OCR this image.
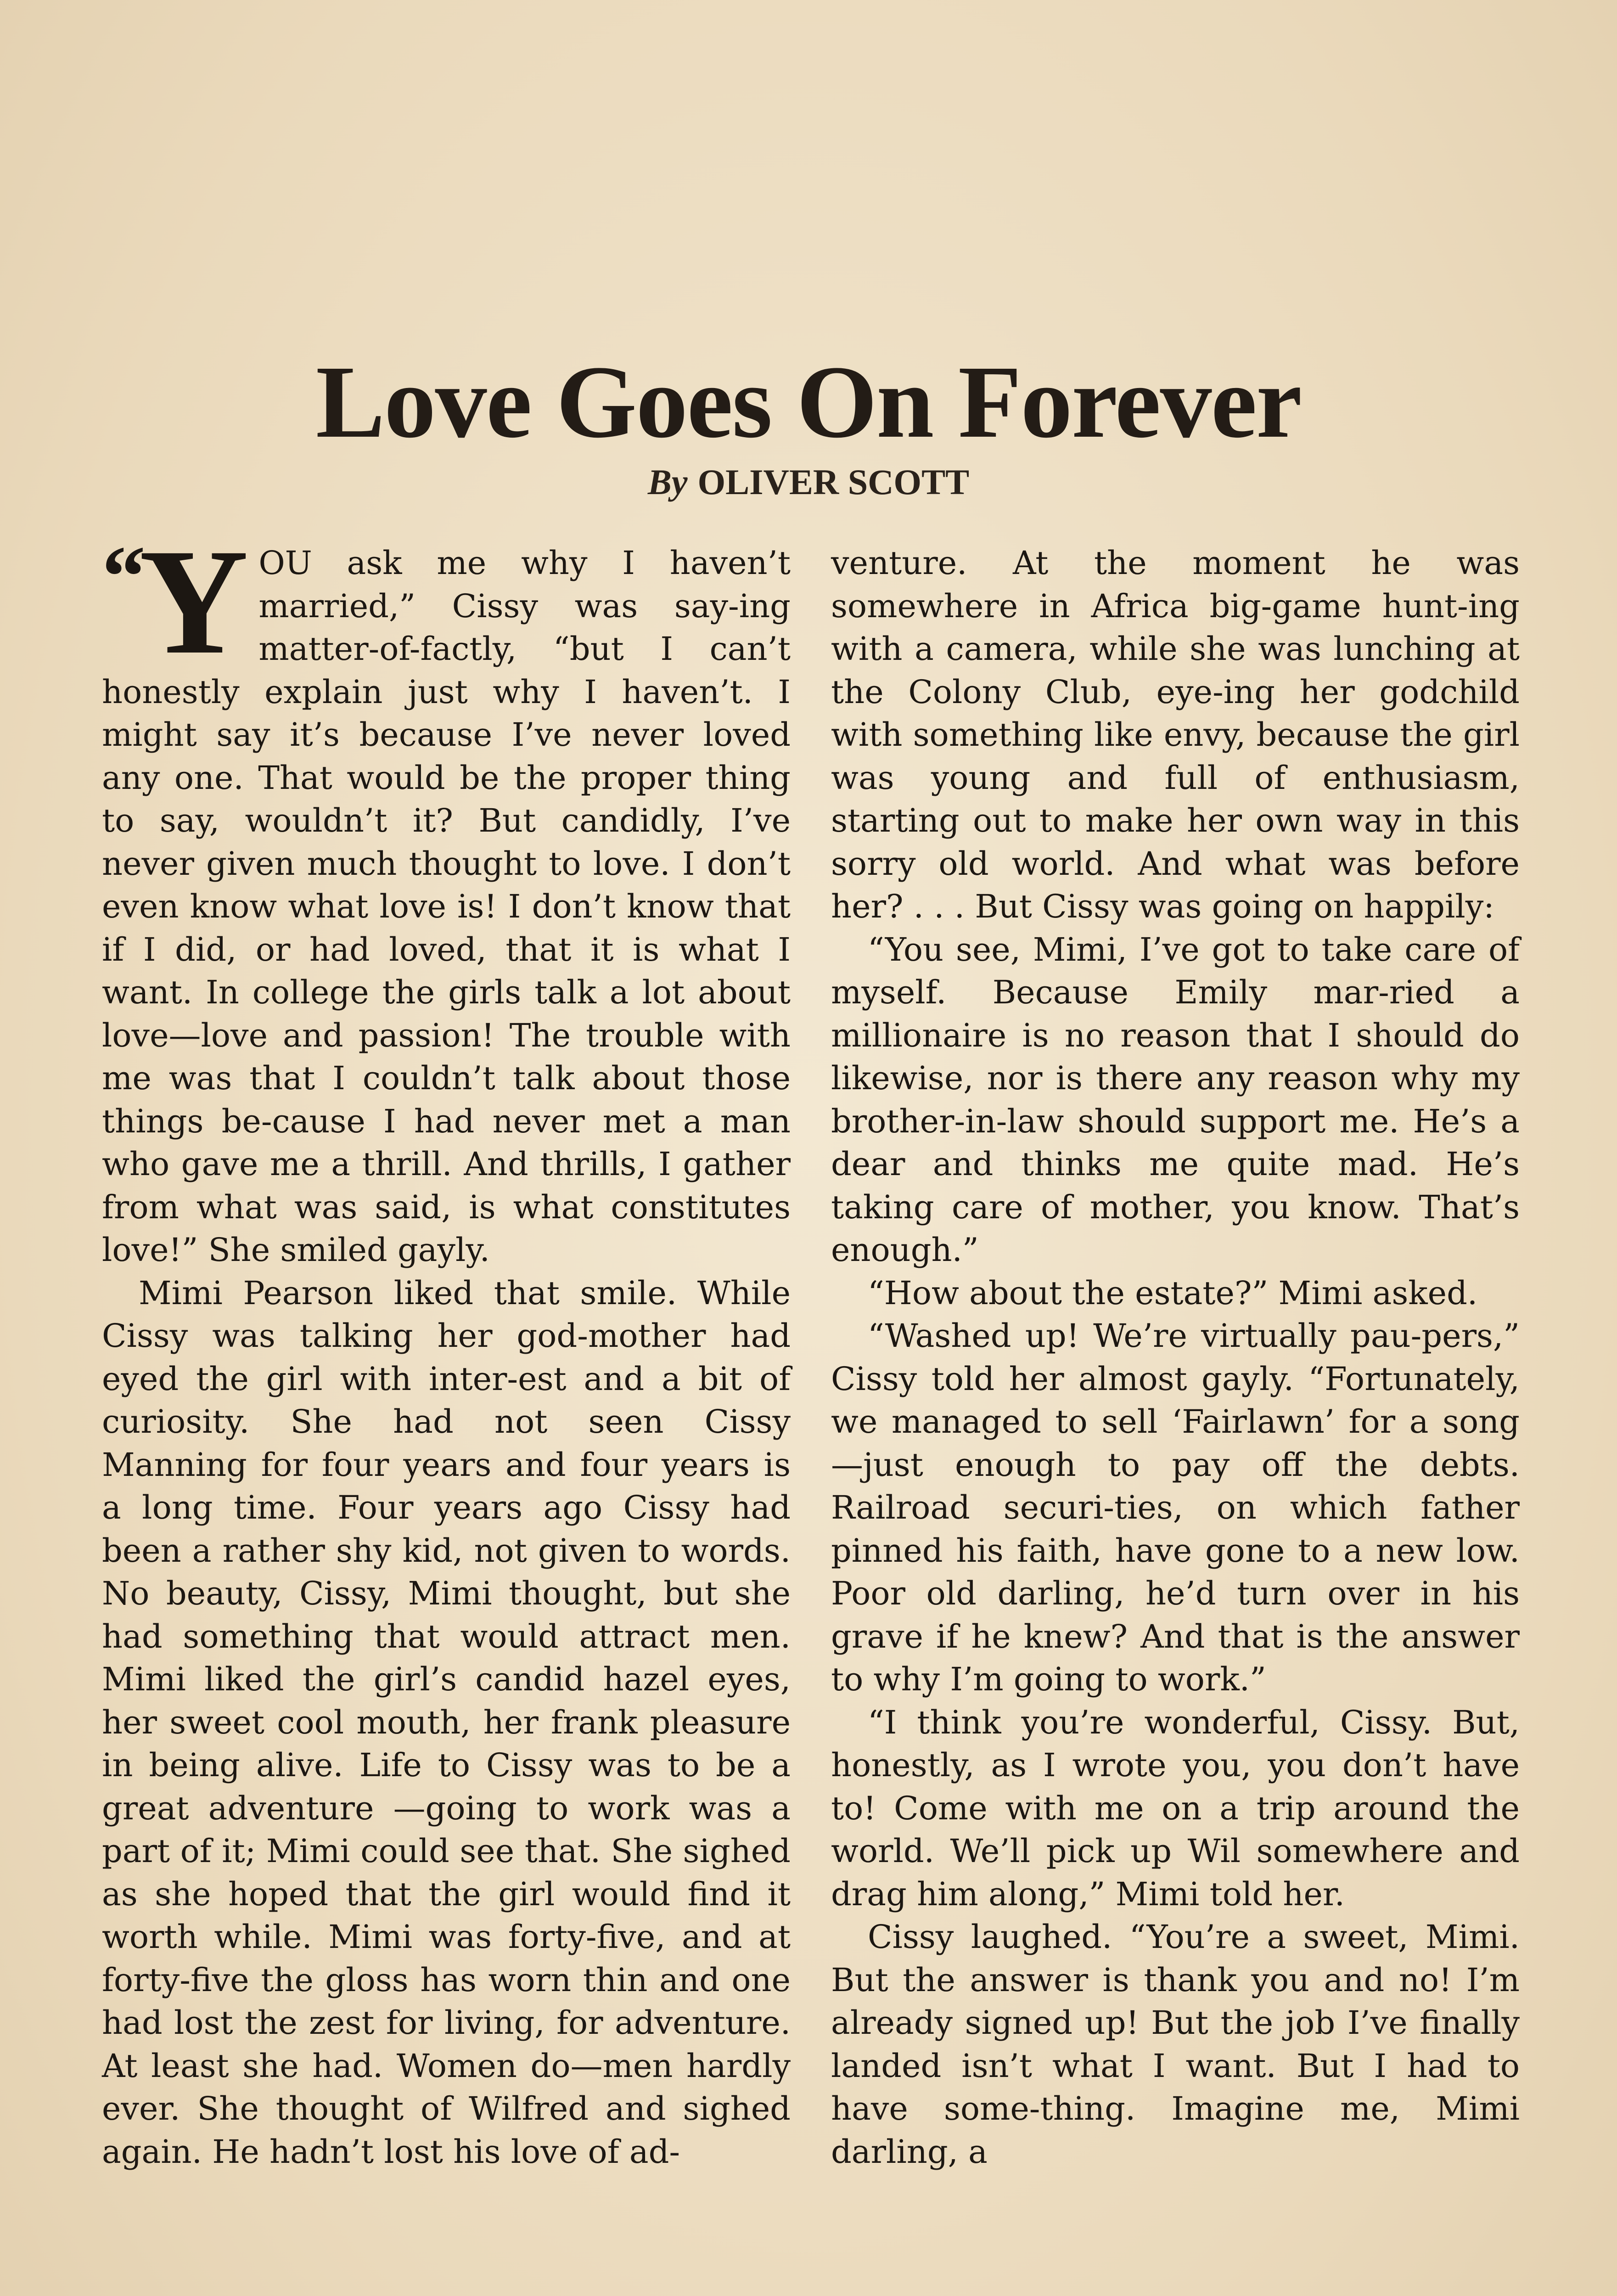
Love Goes On Forever
By OLIVER SCOTT

“Y OU ask me why I haven’t married,” Cissy was say-ing matter-of-factly, “but I can’t honestly explain just why I haven’t. I might say it’s because I’ve never loved any one. That would be the proper thing to say, wouldn’t it? But candidly, I’ve never given much thought to love. I don’t even know what love is! I don’t know that if I did, or had loved, that it is what I want. In college the girls talk a lot about love—love and passion! The trouble with me was that I couldn’t talk about those things be-cause I had never met a man who gave me a thrill. And thrills, I gather from what was said, is what constitutes love!” She smiled gayly.

Mimi Pearson liked that smile. While Cissy was talking her god-mother had eyed the girl with inter-est and a bit of curiosity. She had not seen Cissy Manning for four years and four years is a long time. Four years ago Cissy had been a rather shy kid, not given to words. No beauty, Cissy, Mimi thought, but she had something that would attract men. Mimi liked the girl’s candid hazel eyes, her sweet cool mouth, her frank pleasure in being alive. Life to Cissy was to be a great adventure —going to work was a part of it; Mimi could see that. She sighed as she hoped that the girl would find it worth while. Mimi was forty-five, and at forty-five the gloss has worn thin and one had lost the zest for living, for adventure. At least she had. Women do—men hardly ever. She thought of Wilfred and sighed again. He hadn’t lost his love of ad-

venture. At the moment he was somewhere in Africa big-game hunt-ing with a camera, while she was lunching at the Colony Club, eye-ing her godchild with something like envy, because the girl was young and full of enthusiasm, starting out to make her own way in this sorry old world. And what was before her? . . . But Cissy was going on happily:

“You see, Mimi, I’ve got to take care of myself. Because Emily mar-ried a millionaire is no reason that I should do likewise, nor is there any reason why my brother-in-law should support me. He’s a dear and thinks me quite mad. He’s taking care of mother, you know. That’s enough.”

“How about the estate?” Mimi asked.

“Washed up! We’re virtually pau-pers,” Cissy told her almost gayly. “Fortunately, we managed to sell ‘Fairlawn’ for a song—just enough to pay off the debts. Railroad securi-ties, on which father pinned his faith, have gone to a new low. Poor old darling, he’d turn over in his grave if he knew? And that is the answer to why I’m going to work.”

“I think you’re wonderful, Cissy. But, honestly, as I wrote you, you don’t have to! Come with me on a trip around the world. We’ll pick up Wil somewhere and drag him along,” Mimi told her.

Cissy laughed. “You’re a sweet, Mimi. But the answer is thank you and no! I’m already signed up! But the job I’ve finally landed isn’t what I want. But I had to have some-thing. Imagine me, Mimi darling, a
